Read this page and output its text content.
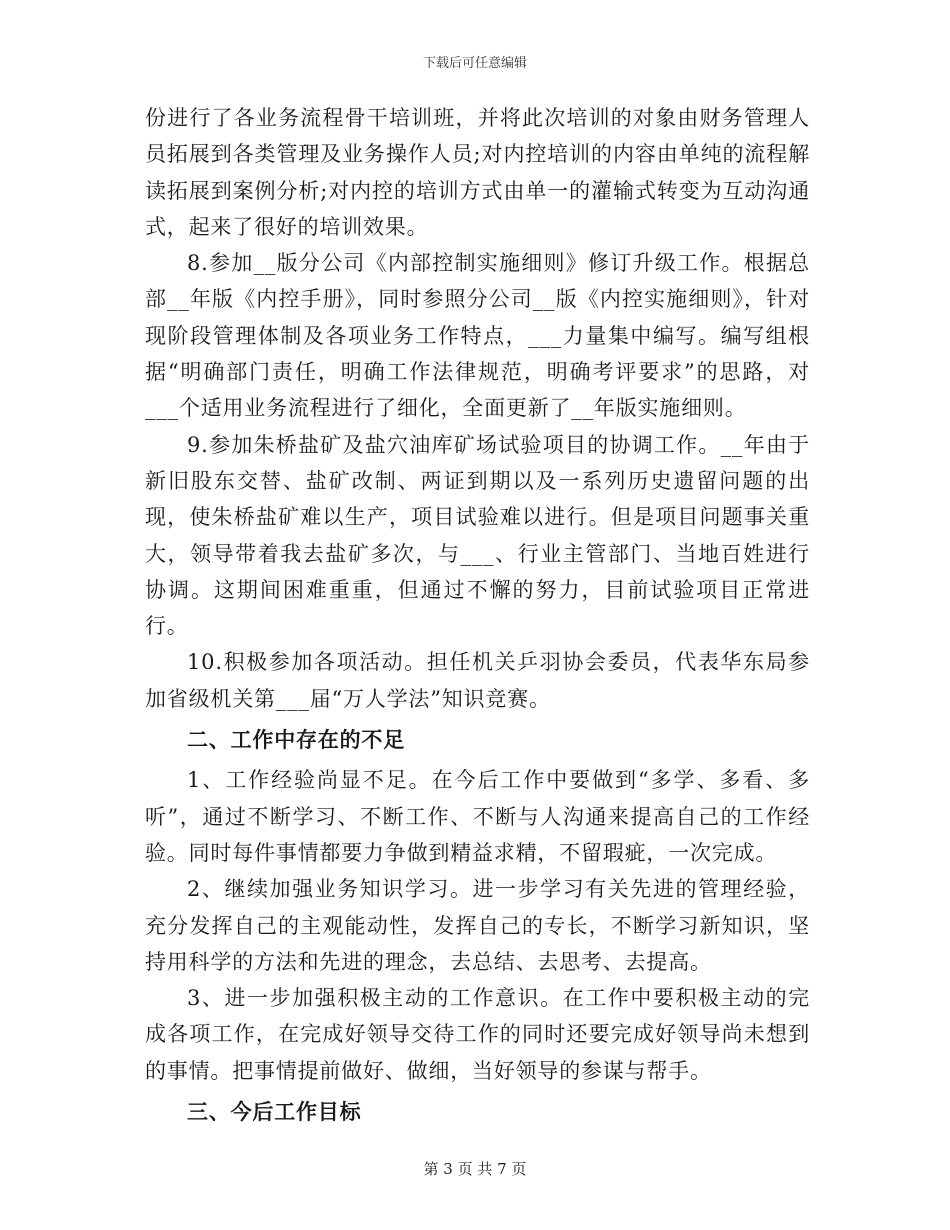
下载后可任意编辑

份进行了各业务流程骨干培训班，并将此次培训的对象由财务管理人员拓展到各类管理及业务操作人员;对内控培训的内容由单纯的流程解读拓展到案例分析;对内控的培训方式由单一的灌输式转变为互动沟通式，起来了很好的培训效果。

8.参加__版分公司《内部控制实施细则》修订升级工作。根据总部__年版《内控手册》，同时参照分公司__版《内控实施细则》，针对现阶段管理体制及各项业务工作特点，___力量集中编写。编写组根据“明确部门责任，明确工作法律规范，明确考评要求”的思路，对___个适用业务流程进行了细化，全面更新了__年版实施细则。

9.参加朱桥盐矿及盐穴油库矿场试验项目的协调工作。__年由于新旧股东交替、盐矿改制、两证到期以及一系列历史遗留问题的出现，使朱桥盐矿难以生产，项目试验难以进行。但是项目问题事关重大，领导带着我去盐矿多次，与___、行业主管部门、当地百姓进行协调。这期间困难重重，但通过不懈的努力，目前试验项目正常进行。

10.积极参加各项活动。担任机关乒羽协会委员，代表华东局参加省级机关第___届“万人学法”知识竞赛。

二、工作中存在的不足

1、工作经验尚显不足。在今后工作中要做到“多学、多看、多听”，通过不断学习、不断工作、不断与人沟通来提高自己的工作经验。同时每件事情都要力争做到精益求精，不留瑕疵，一次完成。

2、继续加强业务知识学习。进一步学习有关先进的管理经验，充分发挥自己的主观能动性，发挥自己的专长，不断学习新知识，坚持用科学的方法和先进的理念，去总结、去思考、去提高。

3、进一步加强积极主动的工作意识。在工作中要积极主动的完成各项工作，在完成好领导交待工作的同时还要完成好领导尚未想到的事情。把事情提前做好、做细，当好领导的参谋与帮手。

三、今后工作目标

第 3 页 共 7 页
